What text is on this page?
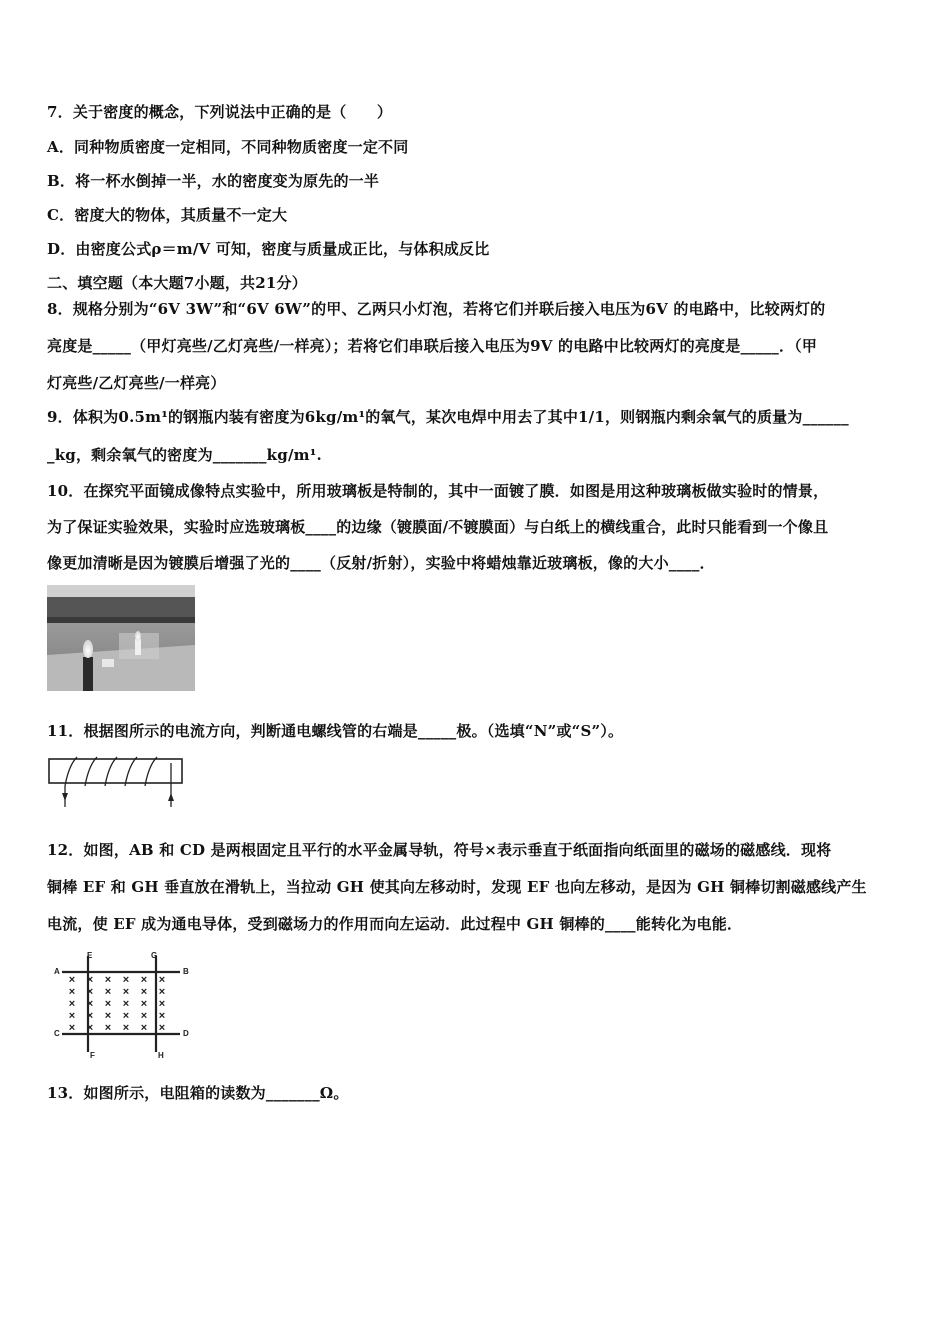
7．关于密度的概念，下列说法中正确的是（　　）
A．同种物质密度一定相同，不同种物质密度一定不同
B．将一杯水倒掉一半，水的密度变为原先的一半
C．密度大的物体，其质量不一定大
D．由密度公式ρ＝m/V 可知，密度与质量成正比，与体积成反比
二、填空题（本大题7小题，共21分）
8．规格分别为“6V 3W”和“6V 6W”的甲、乙两只小灯泡，若将它们并联后接入电压为6V 的电路中，比较两灯的
亮度是_____（甲灯亮些/乙灯亮些/一样亮）；若将它们串联后接入电压为9V 的电路中比较两灯的亮度是_____．（甲
灯亮些/乙灯亮些/一样亮）
9．体积为0.5m¹的钢瓶内装有密度为6kg/m¹的氧气，某次电焊中用去了其中1/1，则钢瓶内剩余氧气的质量为______
_kg，剩余氧气的密度为_______kg/m¹.
10．在探究平面镜成像特点实验中，所用玻璃板是特制的，其中一面镀了膜．如图是用这种玻璃板做实验时的情景，
为了保证实验效果，实验时应选玻璃板____的边缘（镀膜面/不镀膜面）与白纸上的横线重合，此时只能看到一个像且
像更加清晰是因为镀膜后增强了光的____（反射/折射），实验中将蜡烛靠近玻璃板，像的大小____．
11．根据图所示的电流方向，判断通电螺线管的右端是_____极。（选填“N”或“S”）。
12．如图，AB 和 CD 是两根固定且平行的水平金属导轨，符号×表示垂直于纸面指向纸面里的磁场的磁感线．现将
铜棒 EF 和 GH 垂直放在滑轨上，当拉动 GH 使其向左移动时，发现 EF 也向左移动，是因为 GH 铜棒切割磁感线产生
电流，使 EF 成为通电导体，受到磁场力的作用而向左运动．此过程中 GH 铜棒的____能转化为电能．
A	B
C	D
E
F
G
H
× × × × × ×
× × × × × ×
× × × × × ×
× × × × × ×
× × × × × ×
13．如图所示，电阻箱的读数为_______Ω。
